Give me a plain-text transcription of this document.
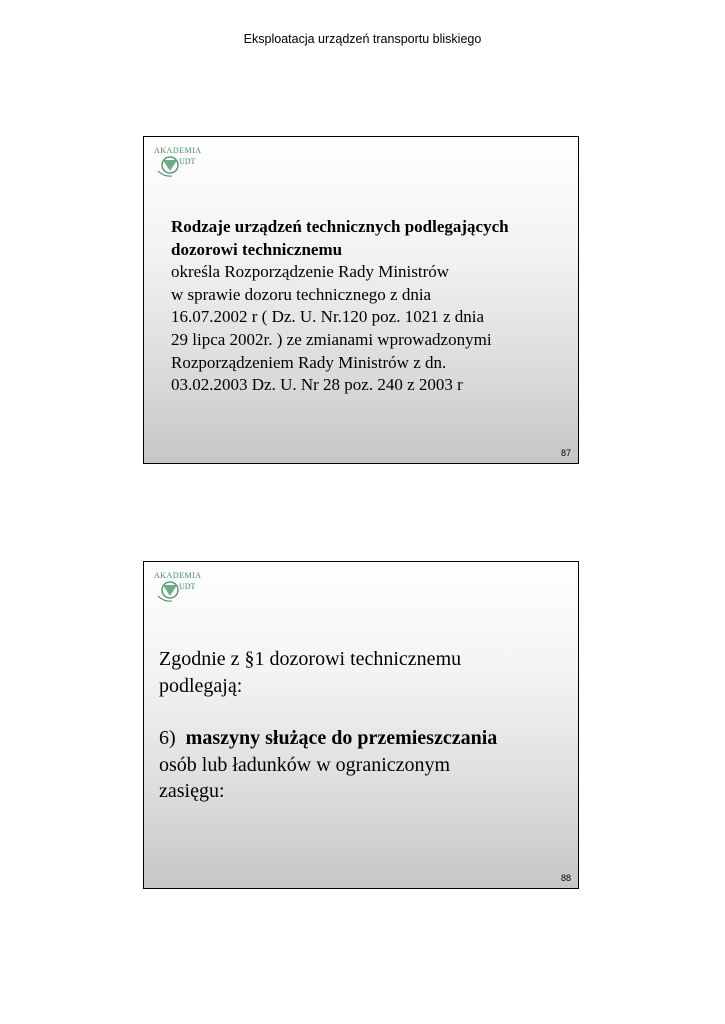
Eksploatacja urządzeń transportu bliskiego
AKADEMIA
UDT
Rodzaje urządzeń technicznych podlegających
dozorowi technicznemu
określa Rozporządzenie Rady Ministrów
w sprawie dozoru technicznego z dnia
16.07.2002 r ( Dz. U. Nr.120 poz. 1021 z dnia
29 lipca 2002r. ) ze zmianami wprowadzonymi
Rozporządzeniem Rady Ministrów z dn.
03.02.2003 Dz. U. Nr 28 poz. 240 z 2003 r
87
AKADEMIA
UDT
Zgodnie z §1 dozorowi technicznemu
podlegają:
6)  maszyny służące do przemieszczania
osób lub ładunków w ograniczonym
zasięgu:
88
